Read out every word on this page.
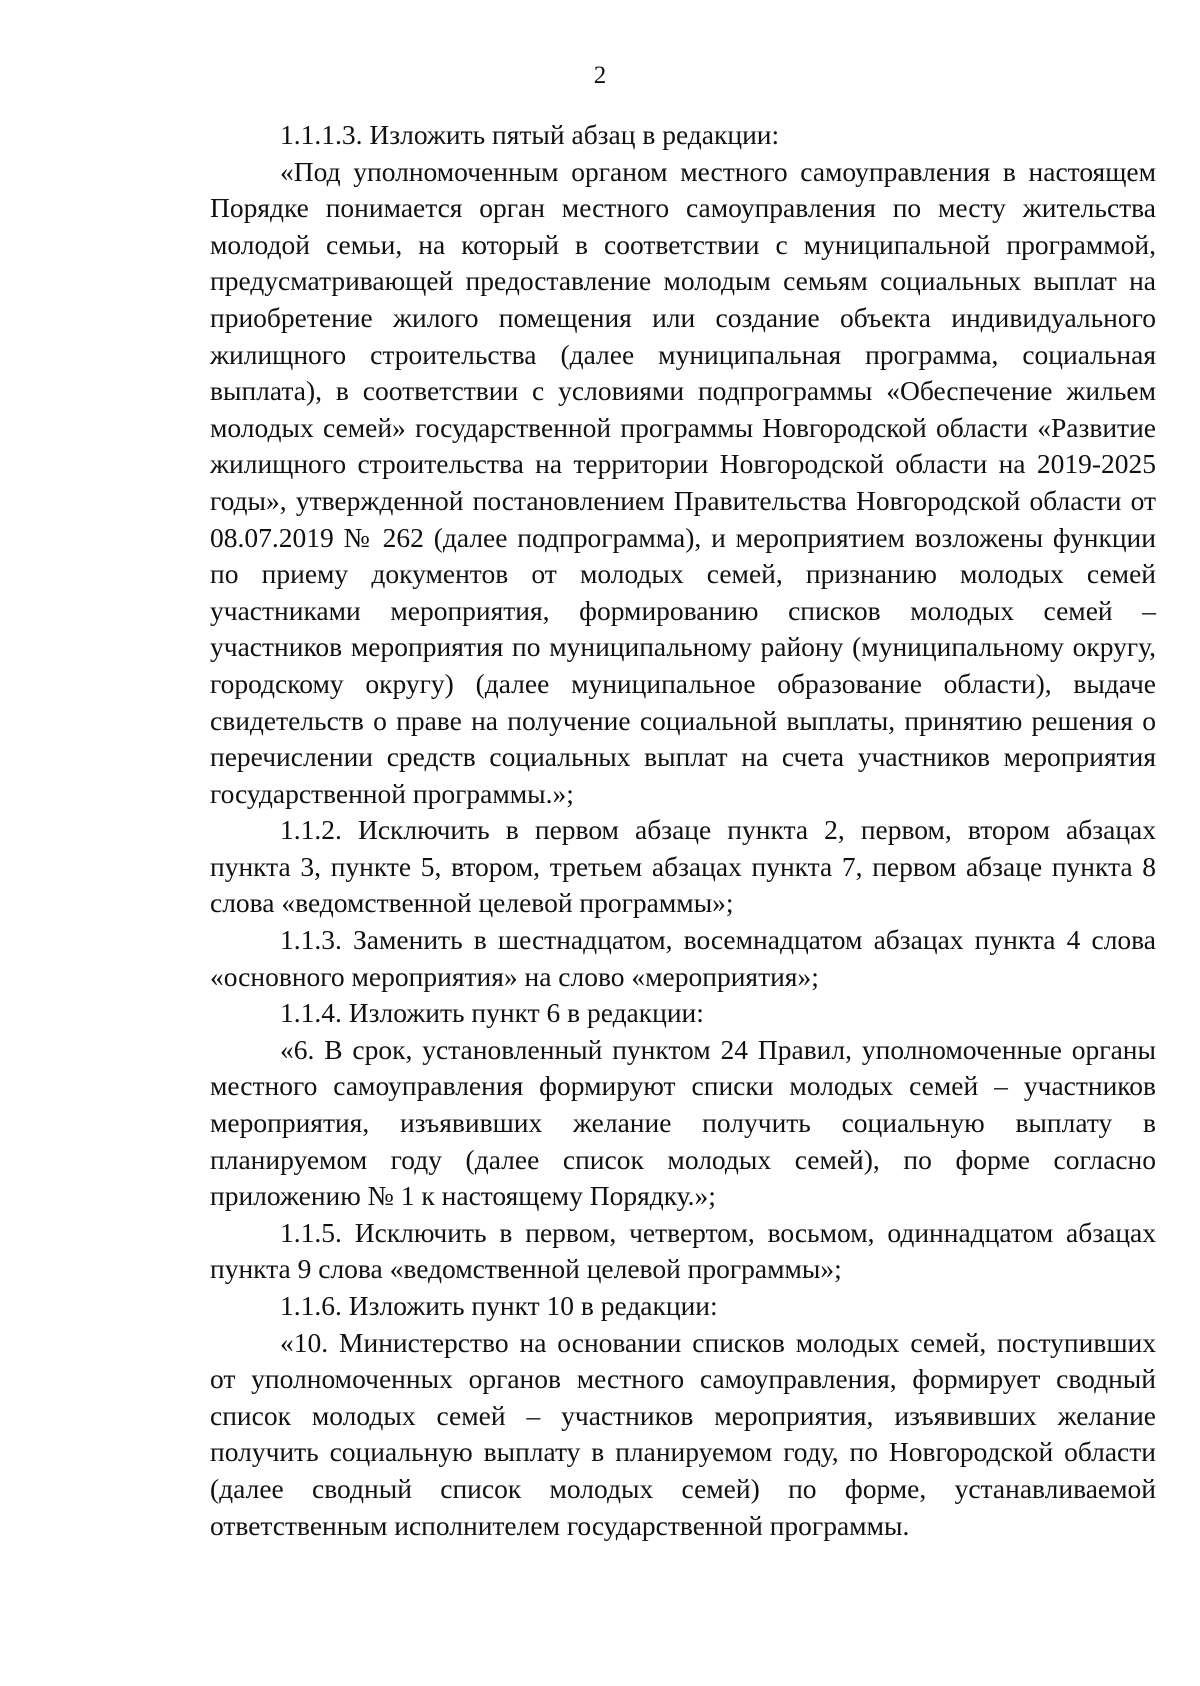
2

1.1.1.3. Изложить пятый абзац в редакции:

«Под уполномоченным органом местного самоуправления в настоящем Порядке понимается орган местного самоуправления по месту жительства молодой семьи, на который в соответствии с муниципальной программой, предусматривающей предоставление молодым семьям социальных выплат на приобретение жилого помещения или создание объекта индивидуального жилищного строительства (далее муниципальная программа, социальная выплата), в соответствии с условиями подпрограммы «Обеспечение жильем молодых семей» государственной программы Новгородской области «Развитие жилищного строительства на территории Новгородской области на 2019-2025 годы», утвержденной постановлением Правительства Новгородской области от 08.07.2019 № 262 (далее подпрограмма), и мероприятием возложены функции по приему документов от молодых семей, признанию молодых семей участниками мероприятия, формированию списков молодых семей – участников мероприятия по муниципальному району (муниципальному округу, городскому округу) (далее муниципальное образование области), выдаче свидетельств о праве на получение социальной выплаты, принятию решения о перечислении средств социальных выплат на счета участников мероприятия государственной программы.»;

1.1.2. Исключить в первом абзаце пункта 2, первом, втором абзацах пункта 3, пункте 5, втором, третьем абзацах пункта 7, первом абзаце пункта 8 слова «ведомственной целевой программы»;

1.1.3. Заменить в шестнадцатом, восемнадцатом абзацах пункта 4 слова «основного мероприятия» на слово «мероприятия»;

1.1.4. Изложить пункт 6 в редакции:

«6. В срок, установленный пунктом 24 Правил, уполномоченные органы местного самоуправления формируют списки молодых семей – участников мероприятия, изъявивших желание получить социальную выплату в планируемом году (далее список молодых семей), по форме согласно приложению № 1 к настоящему Порядку.»;

1.1.5. Исключить в первом, четвертом, восьмом, одиннадцатом абзацах пункта 9 слова «ведомственной целевой программы»;

1.1.6. Изложить пункт 10 в редакции:

«10. Министерство на основании списков молодых семей, поступивших от уполномоченных органов местного самоуправления, формирует сводный список молодых семей – участников мероприятия, изъявивших желание получить социальную выплату в планируемом году, по Новгородской области (далее сводный список молодых семей) по форме, устанавливаемой ответственным исполнителем государственной программы.
